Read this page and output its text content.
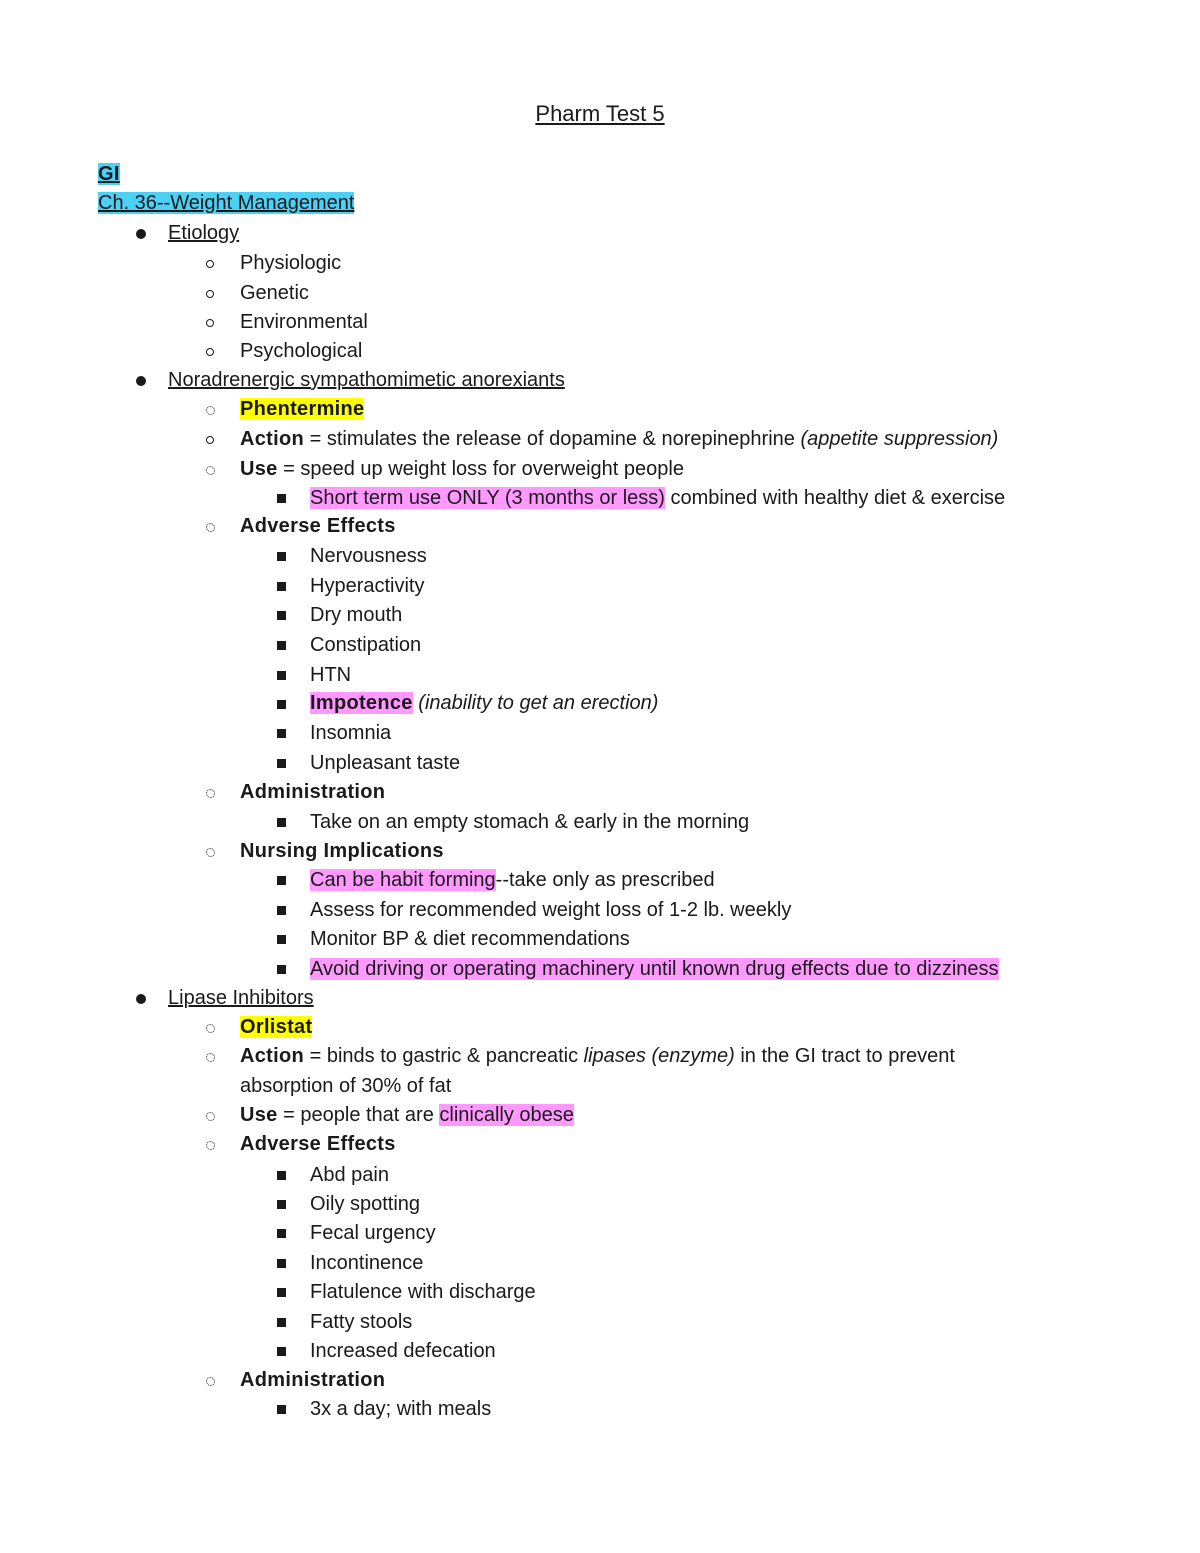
Pharm Test 5
GI
Ch. 36--Weight Management
Etiology
Physiologic
Genetic
Environmental
Psychological
Noradrenergic sympathomimetic anorexiants
Phentermine
Action = stimulates the release of dopamine & norepinephrine (appetite suppression)
Use = speed up weight loss for overweight people
Short term use ONLY (3 months or less) combined with healthy diet & exercise
Adverse Effects
Nervousness
Hyperactivity
Dry mouth
Constipation
HTN
Impotence (inability to get an erection)
Insomnia
Unpleasant taste
Administration
Take on an empty stomach & early in the morning
Nursing Implications
Can be habit forming--take only as prescribed
Assess for recommended weight loss of 1-2 lb. weekly
Monitor BP & diet recommendations
Avoid driving or operating machinery until known drug effects due to dizziness
Lipase Inhibitors
Orlistat
Action = binds to gastric & pancreatic lipases (enzyme) in the GI tract to prevent
absorption of 30% of fat
Use = people that are clinically obese
Adverse Effects
Abd pain
Oily spotting
Fecal urgency
Incontinence
Flatulence with discharge
Fatty stools
Increased defecation
Administration
3x a day; with meals
